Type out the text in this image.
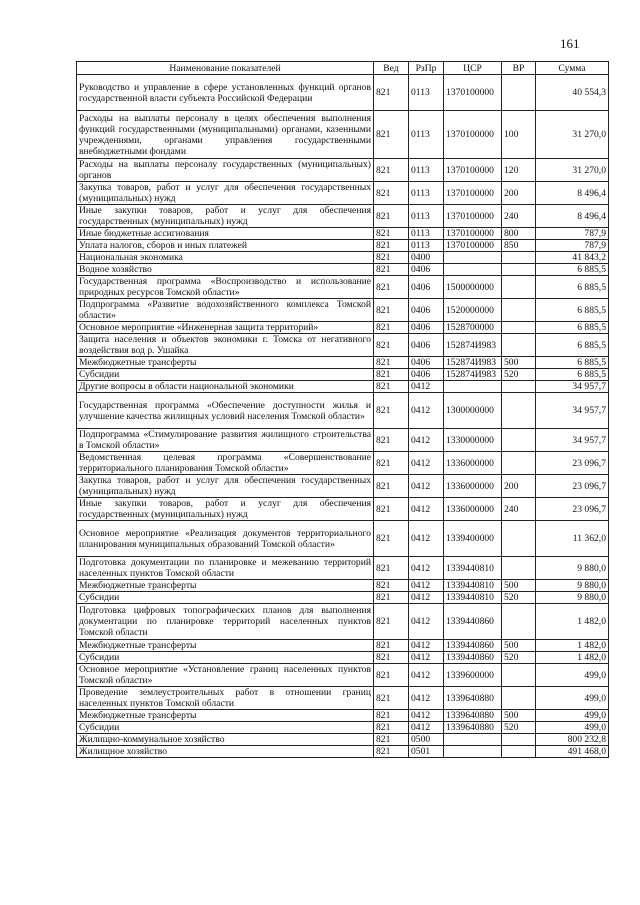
161
Наименование показателей	Вед	РзПр	ЦСР	ВР	Сумма
Руководство и управление в сфере установленных функций органов государственной власти субъекта Российской Федерации	821	0113	1370100000		40 554,3
Расходы на выплаты персоналу в целях обеспечения выполнения функций государственными (муниципальными) органами, казенными учреждениями, органами управления государственными внебюджетными фондами	821	0113	1370100000	100	31 270,0
Расходы на выплаты персоналу государственных (муниципальных) органов	821	0113	1370100000	120	31 270,0
Закупка товаров, работ и услуг для обеспечения государственных (муниципальных) нужд	821	0113	1370100000	200	8 496,4
Иные закупки товаров, работ и услуг для обеспечения государственных (муниципальных) нужд	821	0113	1370100000	240	8 496,4
Иные бюджетные ассигнования	821	0113	1370100000	800	787,9
Уплата налогов, сборов и иных платежей	821	0113	1370100000	850	787,9
Национальная экономика	821	0400			41 843,2
Водное хозяйство	821	0406			6 885,5
Государственная программа «Воспроизводство и использование природных ресурсов Томской области»	821	0406	1500000000		6 885,5
Подпрограмма «Развитие водохозяйственного комплекса Томской области»	821	0406	1520000000		6 885,5
Основное мероприятие «Инженерная защита территорий»	821	0406	1528700000		6 885,5
Защита населения и объектов экономики г. Томска от негативного воздействия вод р. Ушайка	821	0406	152874И983		6 885,5
Межбюджетные трансферты	821	0406	152874И983	500	6 885,5
Субсидии	821	0406	152874И983	520	6 885,5
Другие вопросы в области национальной экономики	821	0412			34 957,7
Государственная программа «Обеспечение доступности жилья и улучшение качества жилищных условий населения Томской области»	821	0412	1300000000		34 957,7
Подпрограмма «Стимулирование развития жилищного строительства в Томской области»	821	0412	1330000000		34 957,7
Ведомственная целевая программа «Совершенствование территориального планирования Томской области»	821	0412	1336000000		23 096,7
Закупка товаров, работ и услуг для обеспечения государственных (муниципальных) нужд	821	0412	1336000000	200	23 096,7
Иные закупки товаров, работ и услуг для обеспечения государственных (муниципальных) нужд	821	0412	1336000000	240	23 096,7
Основное мероприятие «Реализация документов территориального планирования муниципальных образований Томской области»	821	0412	1339400000		11 362,0
Подготовка документации по планировке и межеванию территорий населенных пунктов Томской области	821	0412	1339440810		9 880,0
Межбюджетные трансферты	821	0412	1339440810	500	9 880,0
Субсидии	821	0412	1339440810	520	9 880,0
Подготовка цифровых топографических планов для выполнения документации по планировке территорий населенных пунктов Томской области	821	0412	1339440860		1 482,0
Межбюджетные трансферты	821	0412	1339440860	500	1 482,0
Субсидии	821	0412	1339440860	520	1 482,0
Основное мероприятие «Установление границ населенных пунктов Томской области»	821	0412	1339600000		499,0
Проведение землеустроительных работ в отношении границ населенных пунктов Томской области	821	0412	1339640880		499,0
Межбюджетные трансферты	821	0412	1339640880	500	499,0
Субсидии	821	0412	1339640880	520	499,0
Жилищно-коммунальное хозяйство	821	0500			800 232,8
Жилищное хозяйство	821	0501			491 468,0
